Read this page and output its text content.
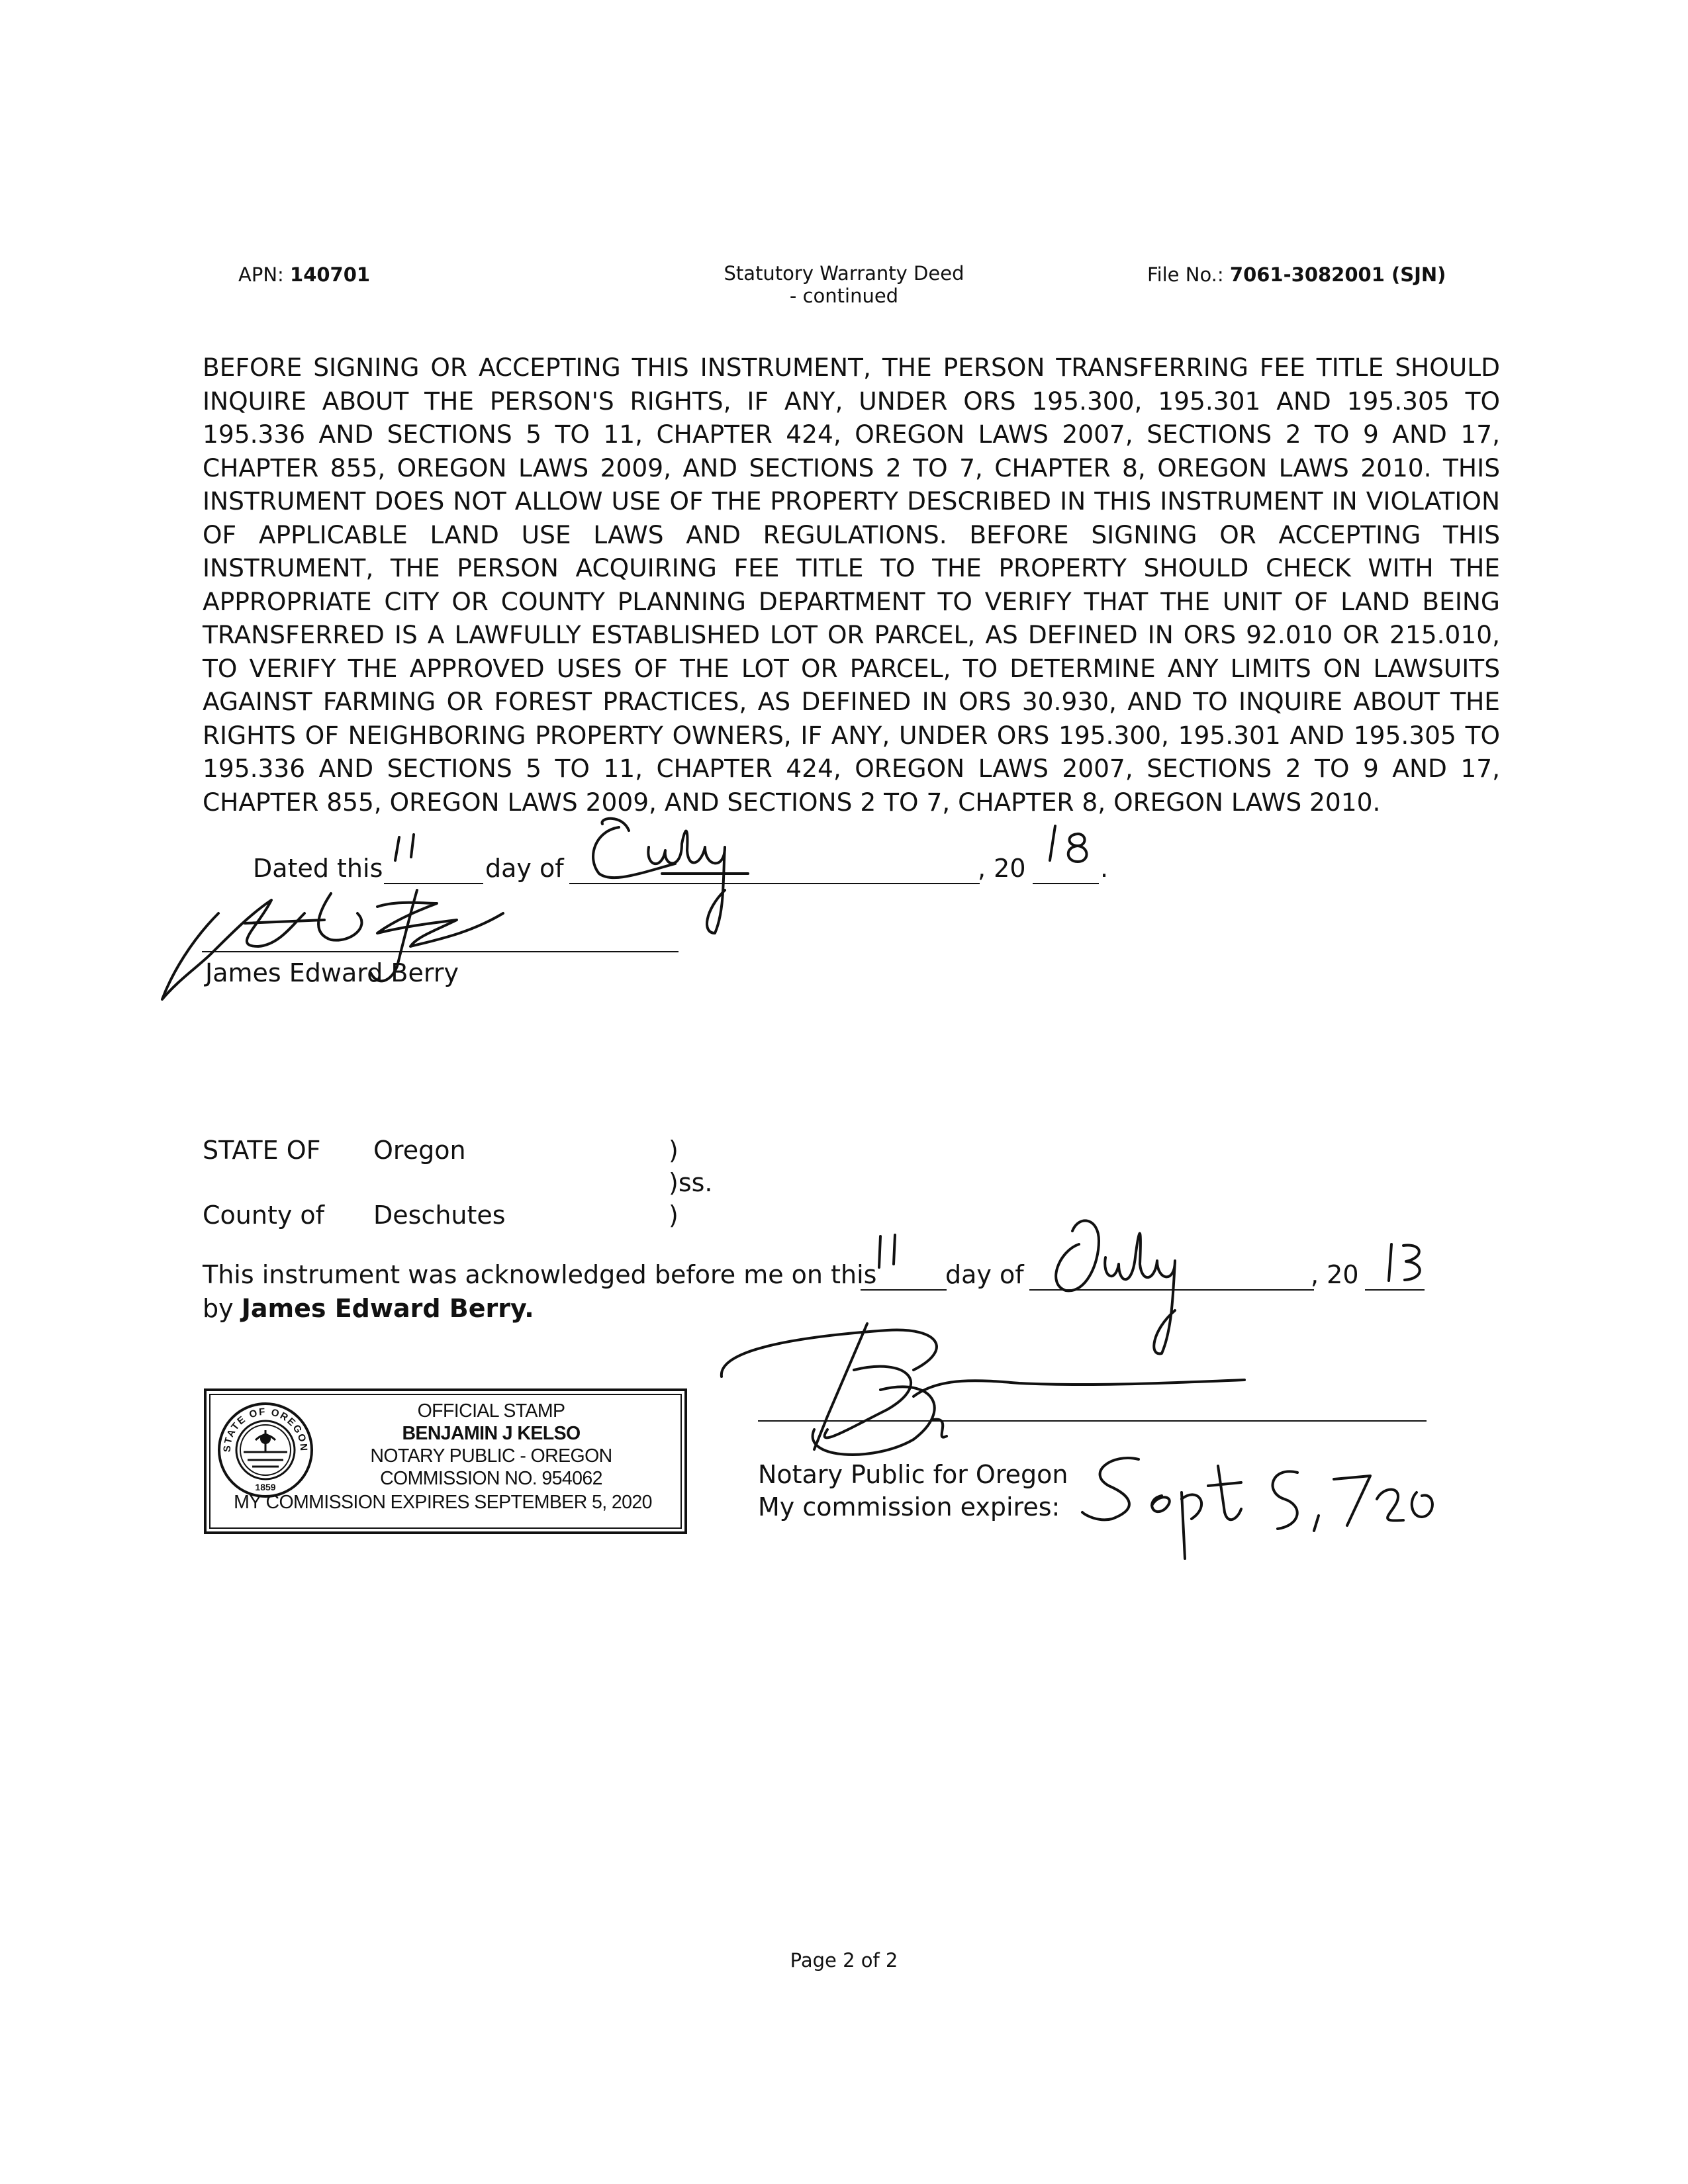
APN: 140701	Statutory Warranty Deed
- continued
File No.: 7061-3082001 (SJN)
BEFORE SIGNING OR ACCEPTING THIS INSTRUMENT, THE PERSON TRANSFERRING FEE TITLE SHOULD INQUIRE ABOUT THE PERSON'S RIGHTS, IF ANY, UNDER ORS 195.300, 195.301 AND 195.305 TO 195.336 AND SECTIONS 5 TO 11, CHAPTER 424, OREGON LAWS 2007, SECTIONS 2 TO 9 AND 17, CHAPTER 855, OREGON LAWS 2009, AND SECTIONS 2 TO 7, CHAPTER 8, OREGON LAWS 2010. THIS INSTRUMENT DOES NOT ALLOW USE OF THE PROPERTY DESCRIBED IN THIS INSTRUMENT IN VIOLATION OF APPLICABLE LAND USE LAWS AND REGULATIONS. BEFORE SIGNING OR ACCEPTING THIS INSTRUMENT, THE PERSON ACQUIRING FEE TITLE TO THE PROPERTY SHOULD CHECK WITH THE APPROPRIATE CITY OR COUNTY PLANNING DEPARTMENT TO VERIFY THAT THE UNIT OF LAND BEING TRANSFERRED IS A LAWFULLY ESTABLISHED LOT OR PARCEL, AS DEFINED IN ORS 92.010 OR 215.010, TO VERIFY THE APPROVED USES OF THE LOT OR PARCEL, TO DETERMINE ANY LIMITS ON LAWSUITS AGAINST FARMING OR FOREST PRACTICES, AS DEFINED IN ORS 30.930, AND TO INQUIRE ABOUT THE RIGHTS OF NEIGHBORING PROPERTY OWNERS, IF ANY, UNDER ORS 195.300, 195.301 AND 195.305 TO 195.336 AND SECTIONS 5 TO 11, CHAPTER 424, OREGON LAWS 2007, SECTIONS 2 TO 9 AND 17,
CHAPTER 855, OREGON LAWS 2009, AND SECTIONS 2 TO 7, CHAPTER 8, OREGON LAWS 2010.
Dated this	day of	, 20	.
James Edward Berry
STATE OF Oregon	)
)ss.
County of Deschutes	)
This instrument was acknowledged before me on this	day of	, 20
by James Edward Berry.
Notary Public for Oregon
My commission expires:
STATE OF OREGON
1859
OFFICIAL STAMP
BENJAMIN J KELSO
NOTARY PUBLIC - OREGON
COMMISSION NO. 954062
MY COMMISSION EXPIRES SEPTEMBER 5, 2020
Page 2 of 2
